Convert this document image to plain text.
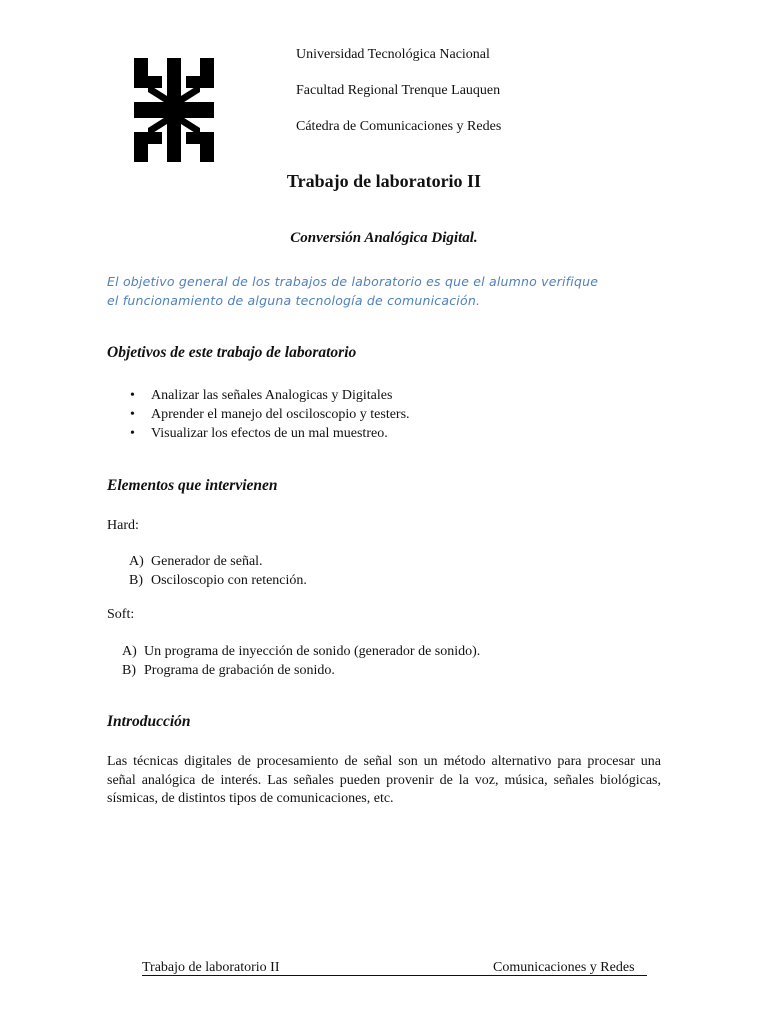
Universidad Tecnológica Nacional
Facultad Regional Trenque Lauquen
Cátedra de Comunicaciones y Redes
Trabajo de laboratorio II
Conversión Analógica Digital.
El objetivo general de los trabajos de laboratorio es que el alumno verifique
el funcionamiento de alguna tecnología de comunicación.
Objetivos de este trabajo de laboratorio
• Analizar las señales Analogicas y Digitales
• Aprender el manejo del osciloscopio y testers.
• Visualizar los efectos de un mal muestreo.
Elementos que intervienen
Hard:
A) Generador de señal.
B) Osciloscopio con retención.
Soft:
A) Un programa de inyección de sonido (generador de sonido).
B) Programa de grabación de sonido.
Introducción
Las técnicas digitales de procesamiento de señal son un método alternativo para procesar una señal analógica de interés. Las señales pueden provenir de la voz, música, señales biológicas, sísmicas, de distintos tipos de comunicaciones, etc.
Trabajo de laboratorio II	Comunicaciones y Redes
